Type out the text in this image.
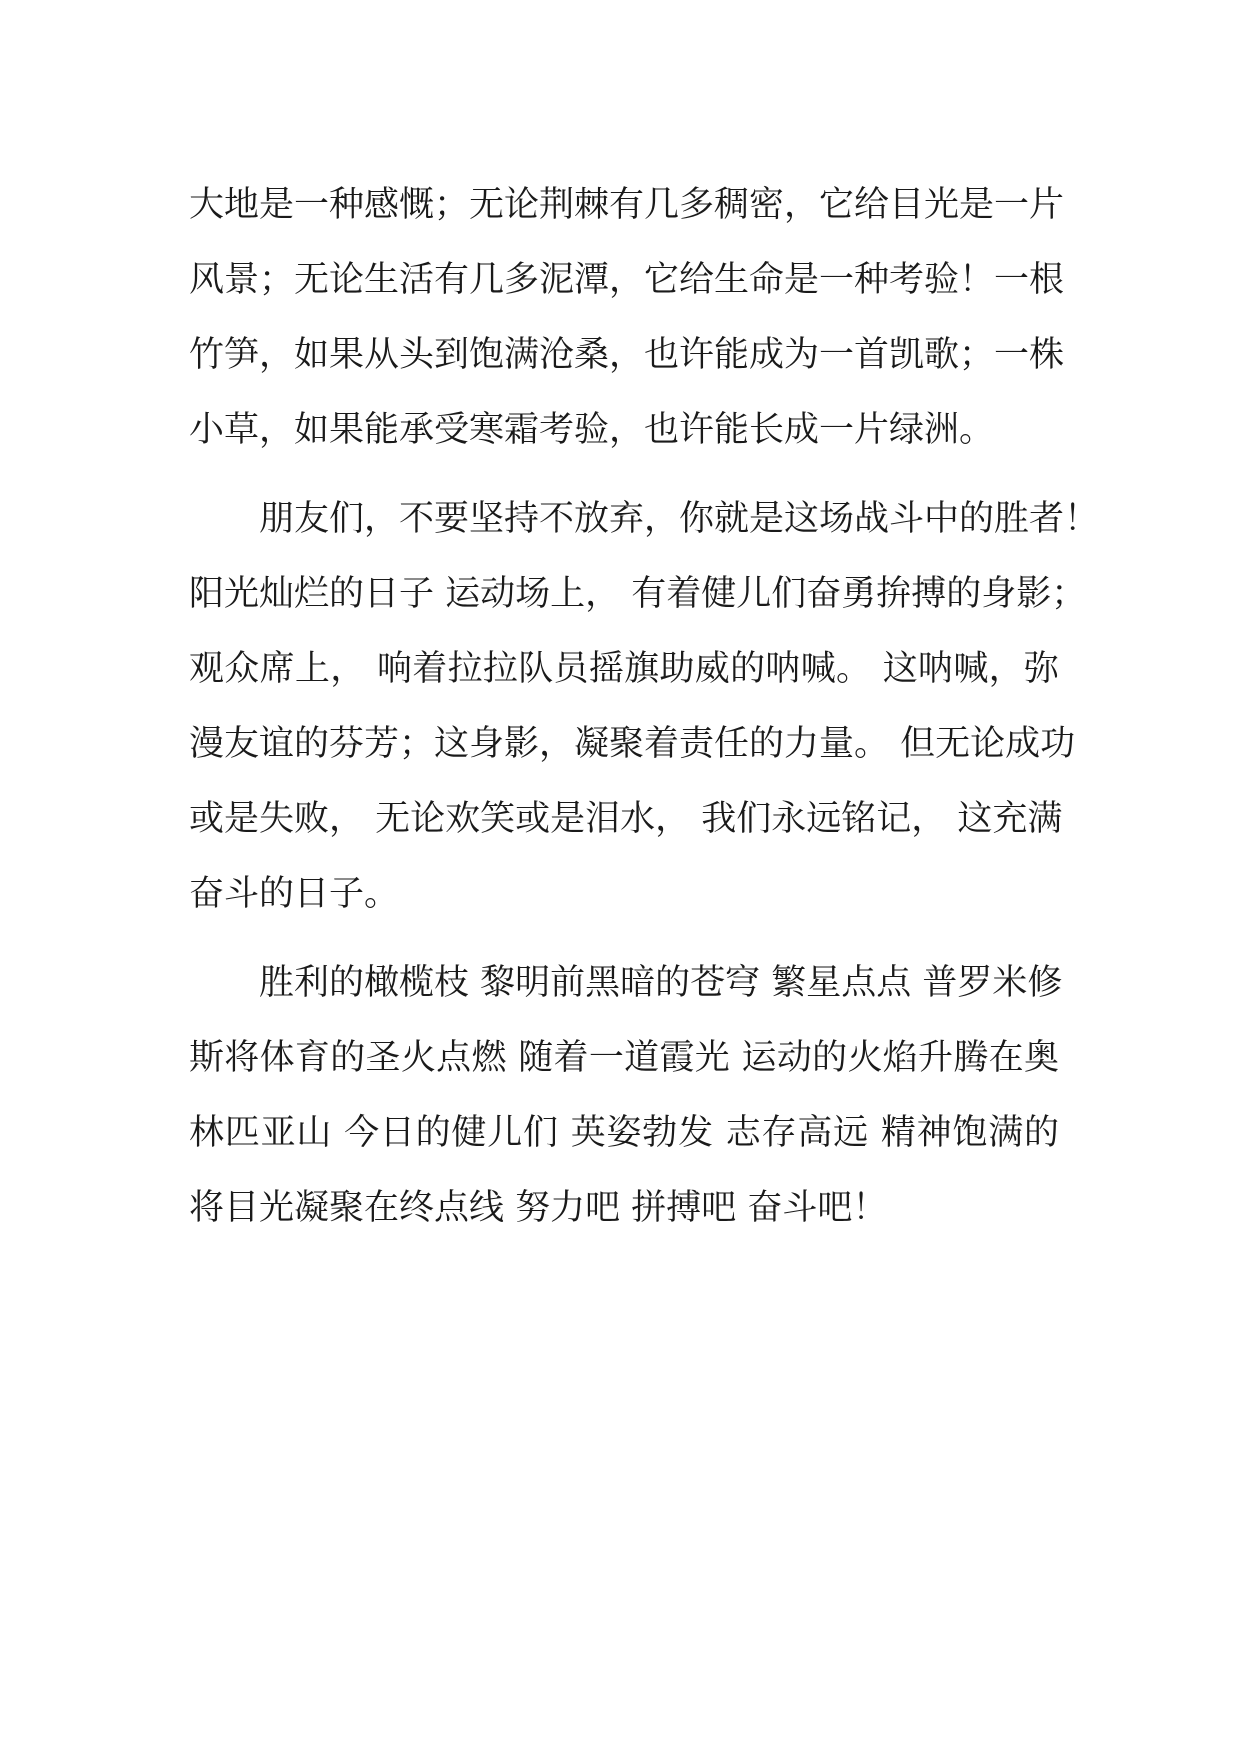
大地是一种感慨；无论荆棘有几多稠密，它给目光是一片
风景；无论生活有几多泥潭，它给生命是一种考验！一根
竹笋，如果从头到饱满沧桑，也许能成为一首凯歌；一株
小草，如果能承受寒霜考验，也许能长成一片绿洲。
　　朋友们，不要坚持不放弃，你就是这场战斗中的胜者！
阳光灿烂的日子 运动场上， 有着健儿们奋勇拚搏的身影；
观众席上， 响着拉拉队员摇旗助威的呐喊。 这呐喊，弥
漫友谊的芬芳；这身影，凝聚着责任的力量。 但无论成功
或是失败， 无论欢笑或是泪水， 我们永远铭记， 这充满
奋斗的日子。
　　胜利的橄榄枝 黎明前黑暗的苍穹 繁星点点 普罗米修
斯将体育的圣火点燃 随着一道霞光 运动的火焰升腾在奥
林匹亚山 今日的健儿们 英姿勃发 志存高远 精神饱满的
将目光凝聚在终点线 努力吧 拼搏吧 奋斗吧！
